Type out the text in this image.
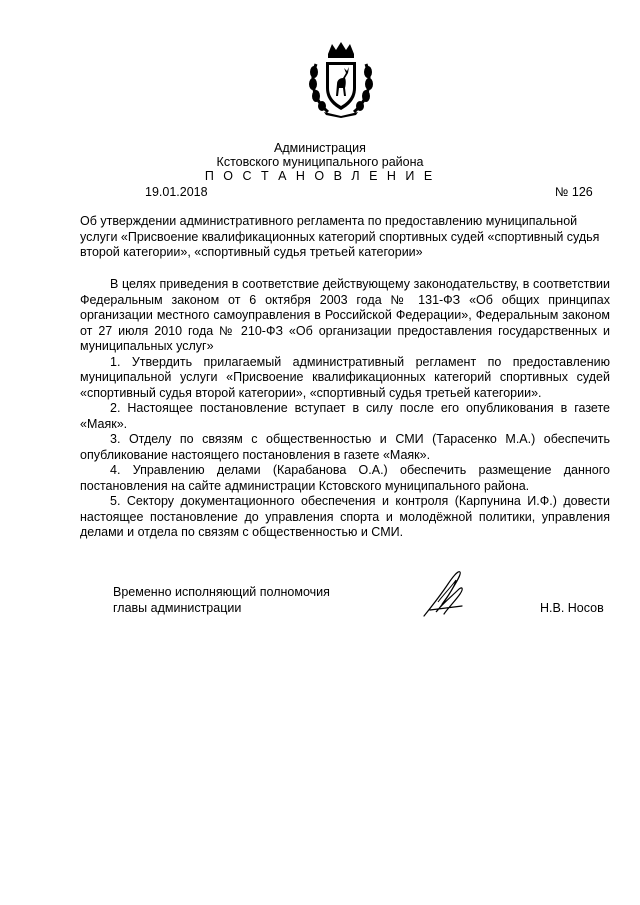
Администрация
Кстовского муниципального района
П О С Т А Н О В Л Е Н И Е
19.01.2018	№ 126
Об утверждении административного регламента по предоставлению муниципальной услуги «Присвоение квалификационных категорий спортивных судей «спортивный судья второй категории», «спортивный судья третьей категории»

В целях приведения в соответствие действующему законодательству, в соответствии Федеральным законом от 6 октября 2003 года № 131-ФЗ «Об общих принципах организации местного самоуправления в Российской Федерации», Федеральным законом от 27 июля 2010 года № 210-ФЗ «Об организации предоставления государственных и муниципальных услуг»

1. Утвердить прилагаемый административный регламент по предоставлению муниципальной услуги «Присвоение квалификационных категорий спортивных судей «спортивный судья второй категории», «спортивный судья третьей категории».

2. Настоящее постановление вступает в силу после его опубликования в газете «Маяк».

3. Отделу по связям с общественностью и СМИ (Тарасенко М.А.) обеспечить опубликование настоящего постановления в газете «Маяк».

4. Управлению делами (Карабанова О.А.) обеспечить размещение данного постановления на сайте администрации Кстовского муниципального района.

5. Сектору документационного обеспечения и контроля (Карпунина И.Ф.) довести настоящее постановление до управления спорта и молодёжной политики, управления делами и отдела по связям с общественностью и СМИ.

Временно исполняющий полномочия
главы администрации	Н.В. Носов
